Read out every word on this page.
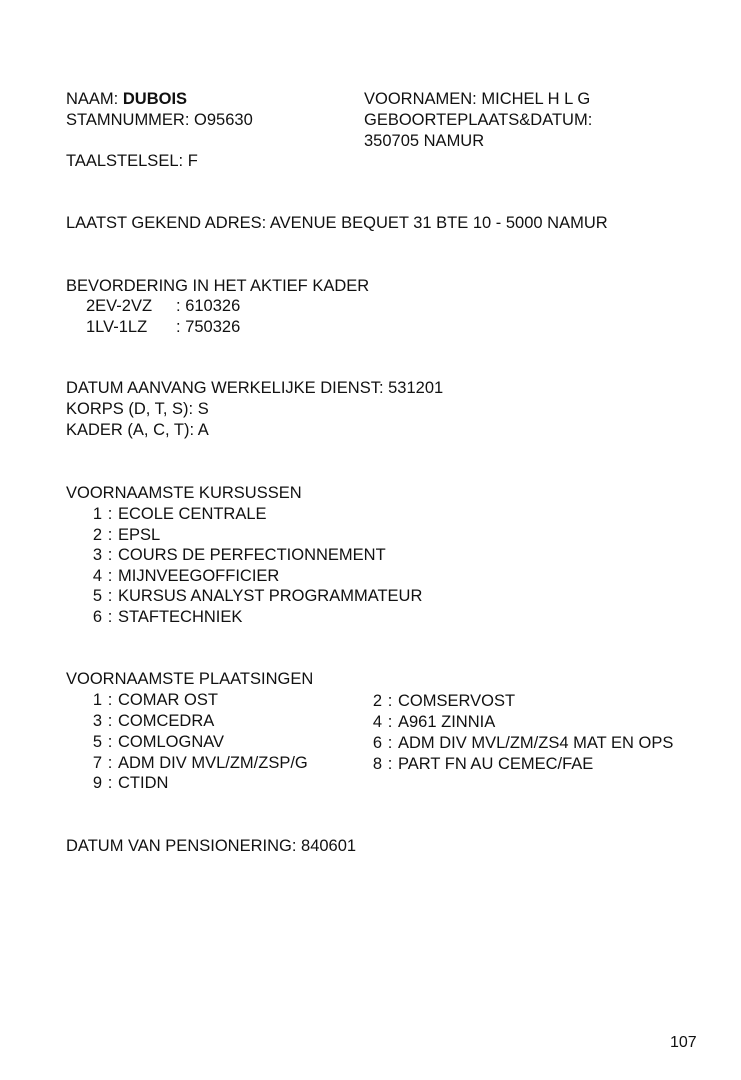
NAAM: DUBOIS
STAMNUMMER: O95630
VOORNAMEN: MICHEL H L G
GEBOORTEPLAATS&DATUM:
350705 NAMUR
TAALSTELSEL: F
LAATST GEKEND ADRES: AVENUE BEQUET 31 BTE 10 - 5000 NAMUR
BEVORDERING IN HET AKTIEF KADER
2EV-2VZ : 610326
1LV-1LZ : 750326
DATUM AANVANG WERKELIJKE DIENST: 531201
KORPS (D, T, S): S
KADER (A, C, T): A
VOORNAAMSTE KURSUSSEN
1 : ECOLE CENTRALE
2 : EPSL
3 : COURS DE PERFECTIONNEMENT
4 : MIJNVEEGOFFICIER
5 : KURSUS ANALYST PROGRAMMATEUR
6 : STAFTECHNIEK
VOORNAAMSTE PLAATSINGEN
1 : COMAR OST	2 : COMSERVOST
3 : COMCEDRA	4 : A961 ZINNIA
5 : COMLOGNAV	6 : ADM DIV MVL/ZM/ZS4 MAT EN OPS
7 : ADM DIV MVL/ZM/ZSP/G	8 : PART FN AU CEMEC/FAE
9 : CTIDN
DATUM VAN PENSIONERING: 840601
107
